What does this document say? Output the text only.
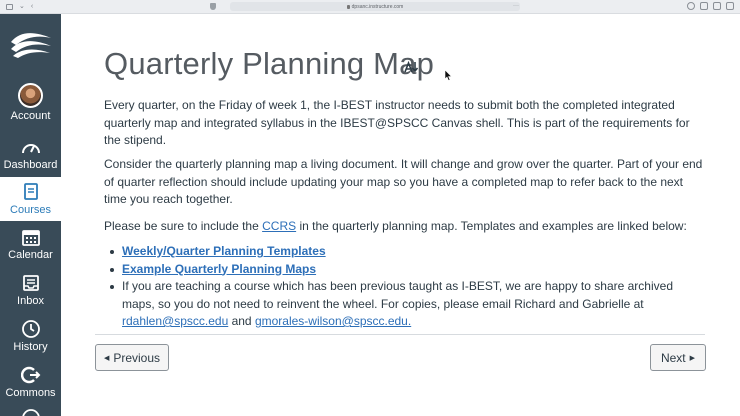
⌄ ‹	dpsanc.instructure.com	···
Account
Dashboard
Courses
Calendar
Inbox
History
Commons
Quarterly Planning Map

Every quarter, on the Friday of week 1, the I-BEST instructor needs to submit both the completed integrated quarterly map and integrated syllabus in the IBEST@SPSCC Canvas shell. This is part of the requirements for the stipend.

Consider the quarterly planning map a living document. It will change and grow over the quarter. Part of your end of quarter reflection should include updating your map so you have a completed map to refer back to the next time you reach together.

Please be sure to include the CCRS in the quarterly planning map. Templates and examples are linked below:

Weekly/Quarter Planning Templates
Example Quarterly Planning Maps
If you are teaching a course which has been previous taught as I-BEST, we are happy to share archived maps, so you do not need to reinvent the wheel. For copies, please email Richard and Gabrielle at rdahlen@spscc.edu and gmorales-wilson@spscc.edu.
◀ Previous	Next ▶
